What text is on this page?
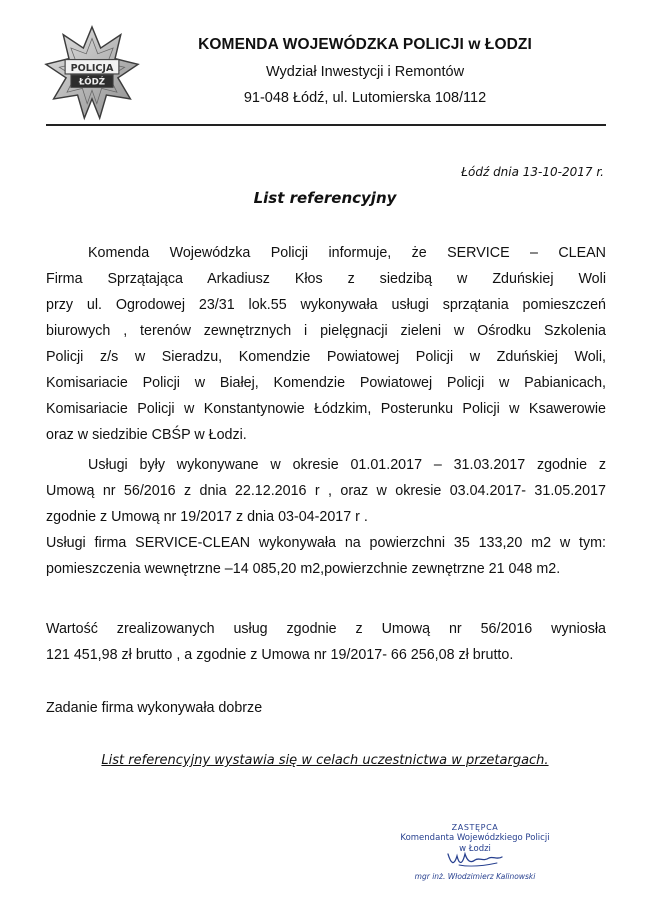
POLICJA
ŁÓDŹ
KOMENDA WOJEWÓDZKA POLICJI w ŁODZI
Wydział Inwestycji i Remontów
91-048 Łódź, ul. Lutomierska 108/112
Łódź dnia 13-10-2017 r.
List referencyjny
Komenda Wojewódzka Policji informuje, że SERVICE – CLEAN
Firma Sprzątająca Arkadiusz Kłos z siedzibą w Zduńskiej Woli
przy ul. Ogrodowej 23/31 lok.55 wykonywała usługi sprzątania pomieszczeń
biurowych , terenów zewnętrznych i pielęgnacji zieleni w Ośrodku Szkolenia
Policji z/s w Sieradzu, Komendzie Powiatowej Policji w Zduńskiej Woli,
Komisariacie Policji w Białej, Komendzie Powiatowej Policji w Pabianicach,
Komisariacie Policji w Konstantynowie Łódzkim, Posterunku Policji w Ksawerowie
oraz w siedzibie CBŚP w Łodzi.
Usługi były wykonywane w okresie 01.01.2017 – 31.03.2017 zgodnie z
Umową nr 56/2016 z dnia 22.12.2016 r , oraz w okresie 03.04.2017- 31.05.2017
zgodnie z Umową nr 19/2017 z dnia 03-04-2017 r .
Usługi firma SERVICE-CLEAN wykonywała na powierzchni 35 133,20 m2 w tym:
pomieszczenia wewnętrzne –14 085,20 m2,powierzchnie zewnętrzne 21 048 m2.
Wartość zrealizowanych usług zgodnie z Umową nr 56/2016 wyniosła
121 451,98 zł brutto , a zgodnie z Umowa nr 19/2017- 66 256,08 zł brutto.
Zadanie firma wykonywała dobrze
List referencyjny wystawia się w celach uczestnictwa w przetargach.
ZASTĘPCA
Komendanta Wojewódzkiego Policji
w Łodzi
mgr inż. Włodzimierz Kalinowski
